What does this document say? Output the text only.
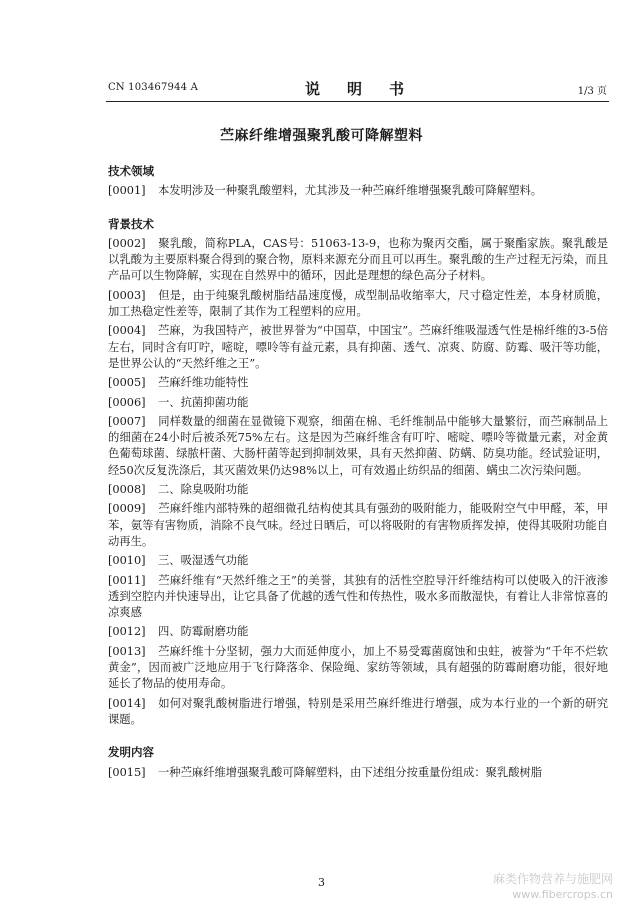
CN 103467944 A	说　明　书	1/3 页
苎麻纤维增强聚乳酸可降解塑料
技术领域

[0001] 本发明涉及一种聚乳酸塑料，尤其涉及一种苎麻纤维增强聚乳酸可降解塑料。

背景技术

[0002] 聚乳酸，简称PLA，CAS号：51063-13-9，也称为聚丙交酯，属于聚酯家族。聚乳酸是以乳酸为主要原料聚合得到的聚合物，原料来源充分而且可以再生。聚乳酸的生产过程无污染，而且产品可以生物降解，实现在自然界中的循环，因此是理想的绿色高分子材料。

[0003] 但是，由于纯聚乳酸树脂结晶速度慢，成型制品收缩率大，尺寸稳定性差，本身材质脆，加工热稳定性差等，限制了其作为工程塑料的应用。

[0004] 苎麻，为我国特产，被世界誉为“中国草，中国宝”。苎麻纤维吸湿透气性是棉纤维的3-5倍左右，同时含有叮咛，嘧啶，嘌呤等有益元素，具有抑菌、透气、凉爽、防腐、防霉、吸汗等功能，是世界公认的“天然纤维之王”。

[0005] 苎麻纤维功能特性

[0006] 一、抗菌抑菌功能

[0007] 同样数量的细菌在显微镜下观察，细菌在棉、毛纤维制品中能够大量繁衍，而苎麻制品上的细菌在24小时后被杀死75%左右。这是因为苎麻纤维含有叮咛、嘧啶、嘌呤等微量元素，对金黄色葡萄球菌、绿脓杆菌、大肠杆菌等起到抑制效果，具有天然抑菌、防螨、防臭功能。经试验证明，经50次反复洗涤后，其灭菌效果仍达98%以上，可有效遏止纺织品的细菌、螨虫二次污染问题。

[0008] 二、除臭吸附功能

[0009] 苎麻纤维内部特殊的超细微孔结构使其具有强劲的吸附能力，能吸附空气中甲醛，苯，甲苯，氨等有害物质，消除不良气味。经过日晒后，可以将吸附的有害物质挥发掉，使得其吸附功能自动再生。

[0010] 三、吸湿透气功能

[0011] 苎麻纤维有“天然纤维之王”的美誉，其独有的活性空腔导汗纤维结构可以使吸入的汗液渗透到空腔内并快速导出，让它具备了优越的透气性和传热性，吸水多而散湿快，有着让人非常惊喜的凉爽感

[0012] 四、防霉耐磨功能

[0013] 苎麻纤维十分坚韧，强力大而延伸度小，加上不易受霉菌腐蚀和虫蛀，被誉为“千年不烂软黄金”，因而被广泛地应用于飞行降落伞、保险绳、家纺等领域，具有超强的防霉耐磨功能，很好地延长了物品的使用寿命。

[0014] 如何对聚乳酸树脂进行增强，特别是采用苎麻纤维进行增强，成为本行业的一个新的研究课题。

发明内容

[0015] 一种苎麻纤维增强聚乳酸可降解塑料，由下述组分按重量份组成：聚乳酸树脂

3	麻类作物营养与施肥网
www.fibercrops.cn
